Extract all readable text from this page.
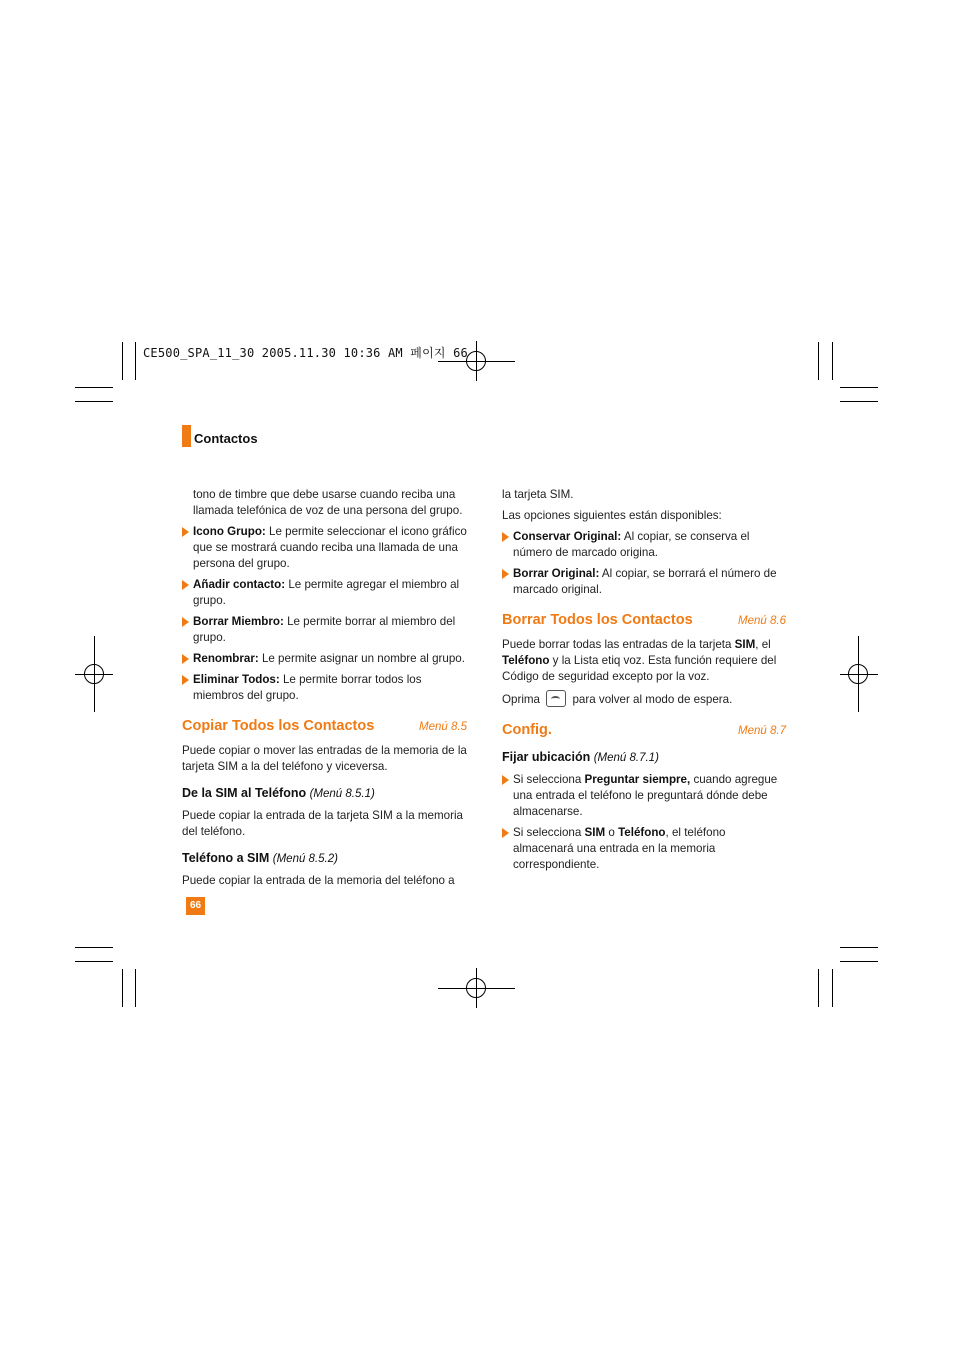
CE500_SPA_11_30 2005.11.30 10:36 AM 페이지 66
Contactos

tono de timbre que debe usarse cuando reciba una llamada telefónica de voz de una persona del grupo.

Icono Grupo: Le permite seleccionar el icono gráfico que se mostrará cuando reciba una llamada de una persona del grupo.
Añadir contacto: Le permite agregar el miembro al grupo.
Borrar Miembro: Le permite borrar al miembro del grupo.
Renombrar: Le permite asignar un nombre al grupo.
Eliminar Todos: Le permite borrar todos los miembros del grupo.
Copiar Todos los Contactos	Menú 8.5

Puede copiar o mover las entradas de la memoria de la tarjeta SIM a la del teléfono y viceversa.

De la SIM al Teléfono (Menú 8.5.1)

Puede copiar la entrada de la tarjeta SIM a la memoria del teléfono.

Teléfono a SIM (Menú 8.5.2)

Puede copiar la entrada de la memoria del teléfono a

la tarjeta SIM.

Las opciones siguientes están disponibles:

Conservar Original: Al copiar, se conserva el número de marcado origina.
Borrar Original: Al copiar, se borrará el número de marcado original.
Borrar Todos los Contactos	Menú 8.6

Puede borrar todas las entradas de la tarjeta SIM, el Teléfono y la Lista etiq voz. Esta función requiere del Código de seguridad excepto por la voz.

Oprima	para volver al modo de espera.

Config.	Menú 8.7
Fijar ubicación (Menú 8.7.1)
Si selecciona Preguntar siempre, cuando agregue una entrada el teléfono le preguntará dónde debe almacenarse.
Si selecciona SIM o Teléfono, el teléfono almacenará una entrada en la memoria correspondiente.
66
